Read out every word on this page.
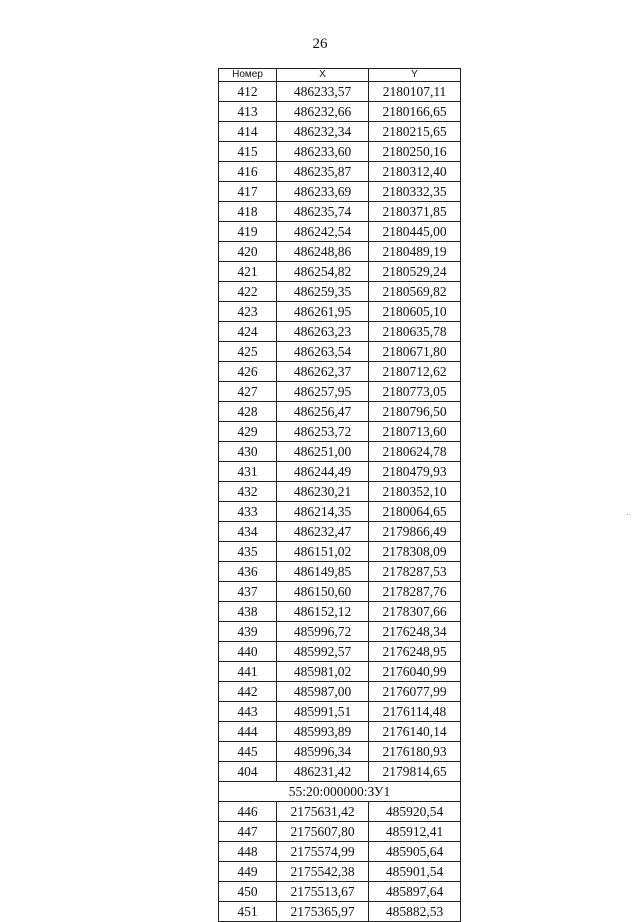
26
Номер	X	Y
412	486233,57	2180107,11
413	486232,66	2180166,65
414	486232,34	2180215,65
415	486233,60	2180250,16
416	486235,87	2180312,40
417	486233,69	2180332,35
418	486235,74	2180371,85
419	486242,54	2180445,00
420	486248,86	2180489,19
421	486254,82	2180529,24
422	486259,35	2180569,82
423	486261,95	2180605,10
424	486263,23	2180635,78
425	486263,54	2180671,80
426	486262,37	2180712,62
427	486257,95	2180773,05
428	486256,47	2180796,50
429	486253,72	2180713,60
430	486251,00	2180624,78
431	486244,49	2180479,93
432	486230,21	2180352,10
433	486214,35	2180064,65
434	486232,47	2179866,49
435	486151,02	2178308,09
436	486149,85	2178287,53
437	486150,60	2178287,76
438	486152,12	2178307,66
439	485996,72	2176248,34
440	485992,57	2176248,95
441	485981,02	2176040,99
442	485987,00	2176077,99
443	485991,51	2176114,48
444	485993,89	2176140,14
445	485996,34	2176180,93
404	486231,42	2179814,65
55:20:000000:ЗУ1		
446	2175631,42	485920,54
447	2175607,80	485912,41
448	2175574,99	485905,64
449	2175542,38	485901,54
450	2175513,67	485897,64
451	2175365,97	485882,53
